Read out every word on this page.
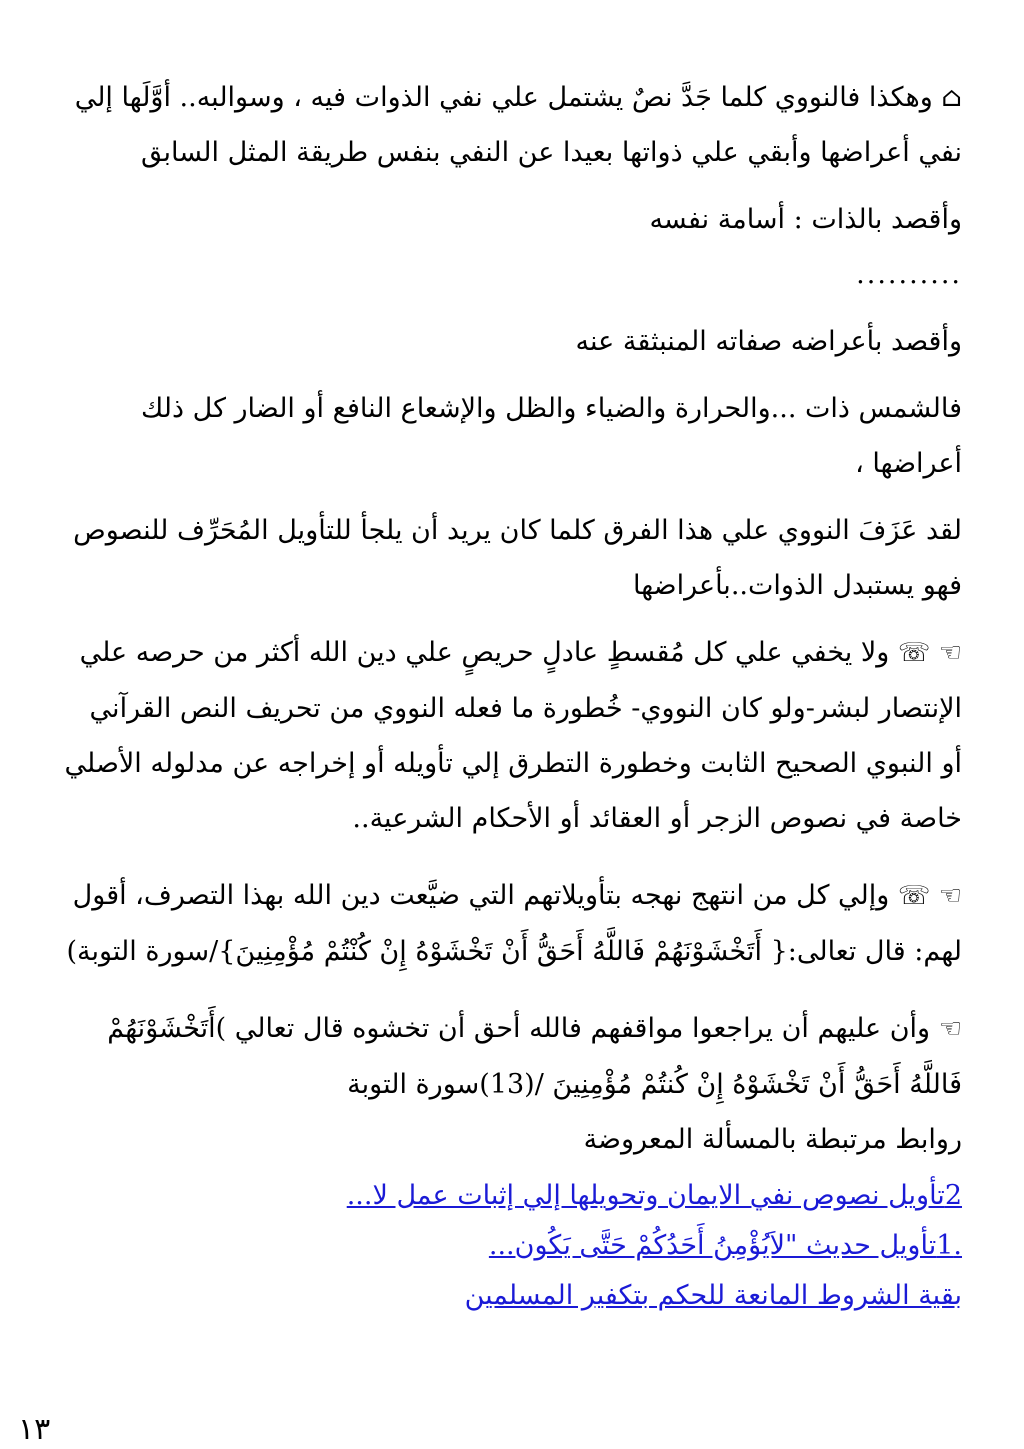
⌂ وهكذا فالنووي كلما جَدَّ نصٌ يشتمل علي نفي الذوات فيه ، وسوالبه.. أوَّلَها إلي نفي أعراضها وأبقي علي ذواتها بعيدا عن النفي بنفس طريقة المثل السابق

وأقصد بالذات : أسامة نفسه

..........

وأقصد بأعراضه صفاته المنبثقة عنه

فالشمس ذات ...والحرارة والضياء والظل والإشعاع النافع أو الضار كل ذلك أعراضها ،

لقد عَزَفَ النووي علي هذا الفرق كلما كان يريد أن يلجأ للتأويل المُحَرِّف للنصوص فهو يستبدل الذوات..بأعراضها

☜ ☏ ولا يخفي علي كل مُقسطٍ عادلٍ حريصٍ علي دين الله أكثر من حرصه علي الإنتصار لبشر-ولو كان النووي- خُطورة ما فعله النووي من تحريف النص القرآني أو النبوي الصحيح الثابت وخطورة التطرق إلي تأويله أو إخراجه عن مدلوله الأصلي خاصة في نصوص الزجر أو العقائد أو الأحكام الشرعية..

☜ ☏ وإلي كل من انتهج نهجه بتأويلاتهم التي ضيَّعت دين الله بهذا التصرف، أقول لهم: قال تعالى:{ أَتَخْشَوْنَهُمْ فَاللَّهُ أَحَقُّ أَنْ تَخْشَوْهُ إِنْ كُنْتُمْ مُؤْمِنِينَ}/سورة التوبة)

☜ وأن عليهم أن يراجعوا مواقفهم فالله أحق أن تخشوه قال تعالي )أَتَخْشَوْنَهُمْ فَاللَّهُ أَحَقُّ أَنْ تَخْشَوْهُ إِنْ كُنتُمْ مُؤْمِنِينَ /(13)سورة التوبة

روابط مرتبطة بالمسألة المعروضة

2تأويل نصوص نفي الايمان وتحويلها إلي إثبات عمل لا...
.1تأويل حديث "لاَيُؤْمِنُ أَحَدُكُمْ حَتَّى يَكُون...
بقية الشروط المانعة للحكم بتكفير المسلمين
١٣
